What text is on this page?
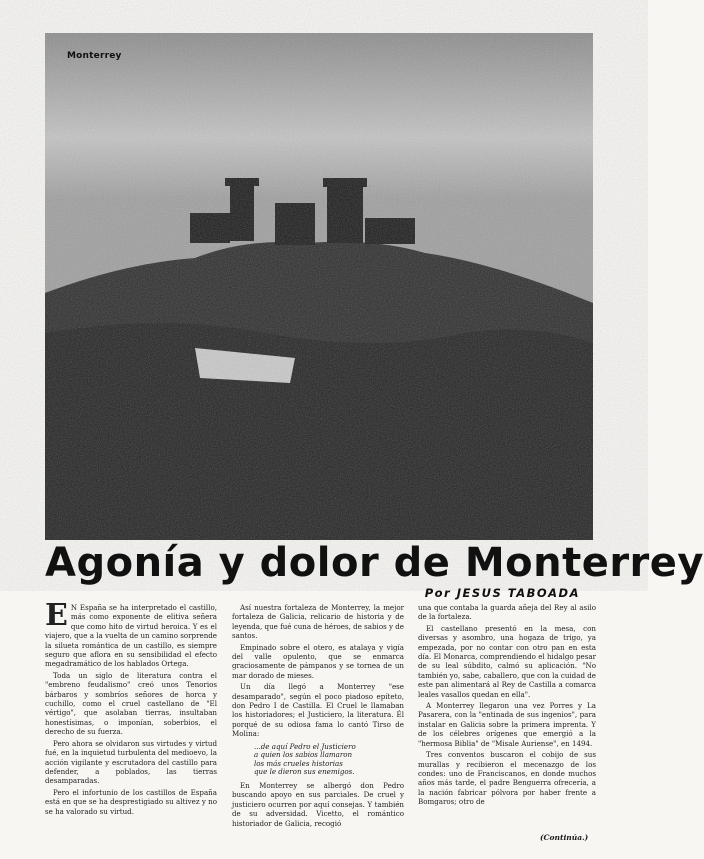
Monterrey
Agonía y dolor de Monterrey
Por JESUS TABOADA

E N España se ha interpretado el castillo, más como exponente de elitiva señera que como hito de virtud heroica. Y es el viajero, que a la vuelta de un camino sorprende la silueta romántica de un castillo, es siempre seguro que aflora en su sensibilidad el efecto megadramático de los hablados Ortega.

Toda un siglo de literatura contra el "embreno feudalismo" creó unos Tenorios bárbaros y sombríos señores de horca y cuchillo, como el cruel castellano de "El vértigo", que asolaban tierras, insultaban honestísimas, o imponían, soberbios, el derecho de su fuerza.

Pero ahora se olvidaron sus virtudes y virtud fué, en la inquietud turbulenta del medioevo, la acción vigilante y escrutadora del castillo para defender, a poblados, las tierras desamparadas.

Pero el infortunio de los castillos de España está en que se ha desprestigiado su altivez y no se ha valorado su virtud.

Así nuestra fortaleza de Monterrey, la mejor fortaleza de Galicia, relicario de historia y de leyenda, que fué cuna de héroes, de sabios y de santos.

Empinado sobre el otero, es atalaya y vigía del valle opulento, que se enmarca graciosamente de pámpanos y se tornea de un mar dorado de mieses.

Un día llegó a Monterrey "ese desamparado", según el poco piadoso epíteto, don Pedro I de Castilla. El Cruel le llamaban los historiadores; el Justiciero, la literatura. Él porqué de su odiosa fama lo cantó Tirso de Molina:

...de aquí Pedro el Justiciero
a quien los sabios llamaron
los más crueles historias
que le dieron sus enemigos.

En Monterrey se albergó don Pedro buscando apoyo en sus parciales. De cruel y justiciero ocurren por aquí consejas. Y también de su adversidad. Vicetto, el romántico historiador de Galicia, recogió

una que contaba la guarda añeja del Rey al asilo de la fortaleza.

El castellano presentó en la mesa, con diversas y asombro, una hogaza de trigo, ya empezada, por no contar con otro pan en esta día. El Monarca, comprendiendo el hidalgo pesar de su leal súbdito, calmó su aplicación. "No también yo, sabe, caballero, que con la cuidad de este pan alimentará al Rey de Castilla a comarca leales vasallos quedan en ella".

A Monterrey llegaron una vez Porres y La Pasarera, con la "entinada de sus ingenios", para instalar en Galicia sobre la primera imprenta. Y de los célebres orígenes que emergió a la "hermosa Biblia" de "Misale Auriense", en 1494.

Tres conventos buscaron el cobijo de sus murallas y recibieron el mecenazgo de los condes: uno de Franciscanos, en donde muchos años más tarde, el padre Benguerra ofrecería, a la nación fabricar pólvora por haber frente a Bomgaros; otro de

(Continúa.)
